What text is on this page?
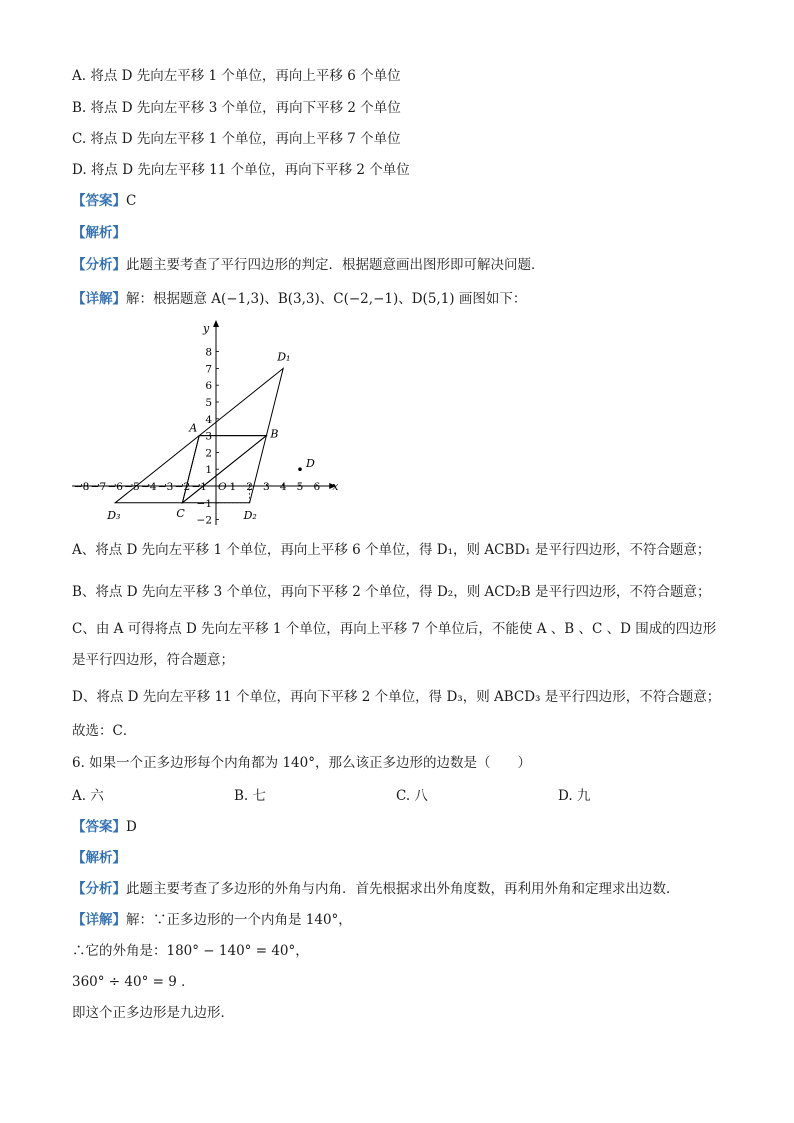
A. 将点 D 先向左平移 1 个单位，再向上平移 6 个单位
B. 将点 D 先向左平移 3 个单位，再向下平移 2 个单位
C. 将点 D 先向左平移 1 个单位，再向上平移 7 个单位
D. 将点 D 先向左平移 11 个单位，再向下平移 2 个单位
【答案】C
【解析】
【分析】此题主要考查了平行四边形的判定．根据题意画出图形即可解决问题．
【详解】解：根据题意 A(−1,3)、B(3,3)、C(−2,−1)、D(5,1) 画图如下：
x
y
−8 −7 −6 −5 −4 −3 −2 −1 1 2 3 4 5 6
8
7
6
5
4
3
2
1
−1
−2
O
A	B
C
D
D₁
D₂
D₃
A、将点 D 先向左平移 1 个单位，再向上平移 6 个单位，得 D₁，则 ACBD₁ 是平行四边形，不符合题意；
B、将点 D 先向左平移 3 个单位，再向下平移 2 个单位，得 D₂，则 ACD₂B 是平行四边形，不符合题意；
C、由 A 可得将点 D 先向左平移 1 个单位，再向上平移 7 个单位后，不能使 A 、B 、C 、D 围成的四边形
是平行四边形，符合题意；
D、将点 D 先向左平移 11 个单位，再向下平移 2 个单位，得 D₃，则 ABCD₃ 是平行四边形，不符合题意；
故选：C．
6. 如果一个正多边形每个内角都为 140°，那么该正多边形的边数是（　　）
A. 六	B. 七	C. 八	D. 九
【答案】D
【解析】
【分析】此题主要考查了多边形的外角与内角．首先根据求出外角度数，再利用外角和定理求出边数．
【详解】解：∵正多边形的一个内角是 140°，
∴它的外角是：180° − 140° = 40°，
360° ÷ 40° = 9 ．
即这个正多边形是九边形．
